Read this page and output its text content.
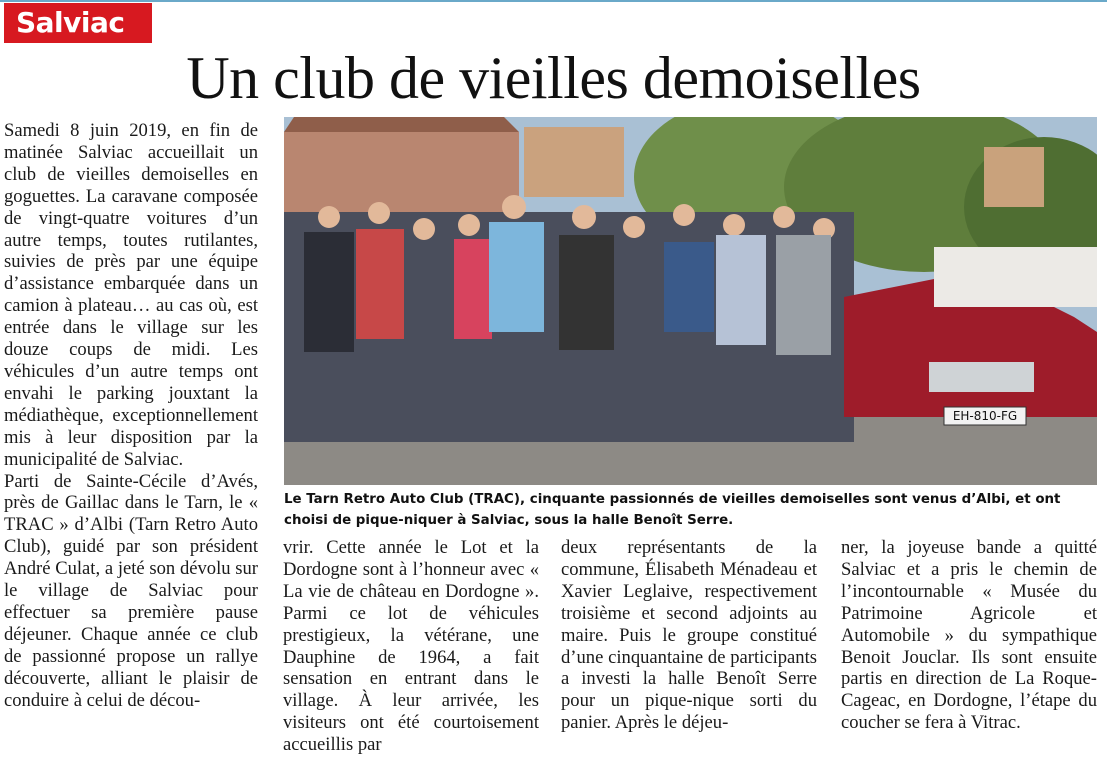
Salviac
Un club de vieilles demoiselles

Samedi 8 juin 2019, en fin de matinée Salviac accueillait un club de vieilles demoiselles en goguettes. La caravane composée de vingt-quatre voitures d’un autre temps, toutes rutilantes, suivies de près par une équipe d’assistance embarquée dans un camion à plateau… au cas où, est entrée dans le village sur les douze coups de midi. Les véhicules d’un autre temps ont envahi le parking jouxtant la médiathèque, exceptionnellement mis à leur disposition par la municipalité de Salviac.

Parti de Sainte-Cécile d’Avés, près de Gaillac dans le Tarn, le « TRAC » d’Albi (Tarn Retro Auto Club), guidé par son président André Culat, a jeté son dévolu sur le village de Salviac pour effectuer sa première pause déjeuner. Chaque année ce club de passionné propose un rallye découverte, alliant le plaisir de conduire à celui de décou-

EH-810-FG
Le Tarn Retro Auto Club (TRAC), cinquante passionnés de vieilles demoiselles sont venus d’Albi, et ont choisi de pique-niquer à Salviac, sous la halle Benoît Serre.

vrir. Cette année le Lot et la Dordogne sont à l’honneur avec « La vie de château en Dordogne ». Parmi ce lot de véhicules prestigieux, la vétérane, une Dauphine de 1964, a fait sensation en entrant dans le village. À leur arrivée, les visiteurs ont été courtoisement accueillis par

deux représentants de la commune, Élisabeth Ménadeau et Xavier Leglaive, respectivement troisième et second adjoints au maire. Puis le groupe constitué d’une cinquantaine de participants a investi la halle Benoît Serre pour un pique-nique sorti du panier. Après le déjeu-

ner, la joyeuse bande a quitté Salviac et a pris le chemin de l’incontournable « Musée du Patrimoine Agricole et Automobile » du sympathique Benoit Jouclar. Ils sont ensuite partis en direction de La Roque-Cageac, en Dordogne, l’étape du coucher se fera à Vitrac.
